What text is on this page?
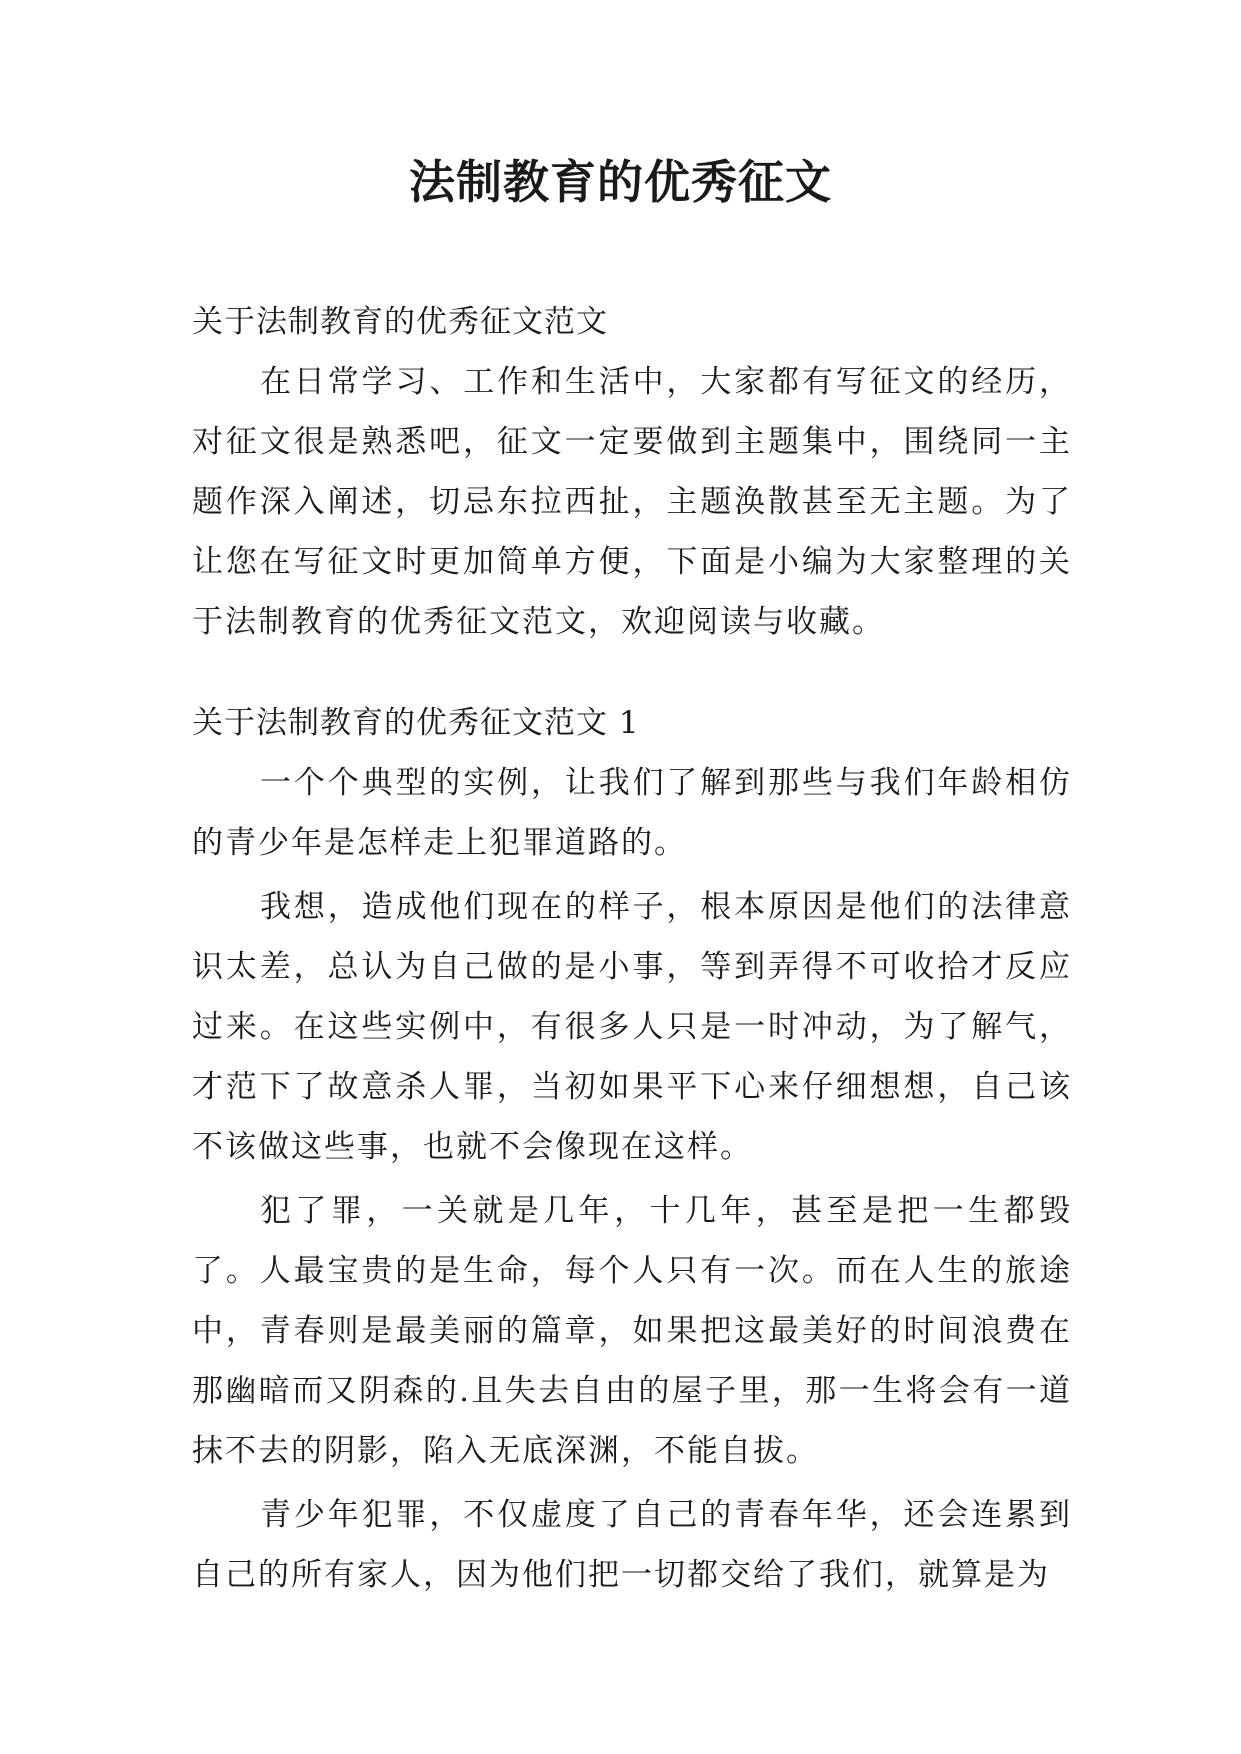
法制教育的优秀征文
关于法制教育的优秀征文范文

在日常学习、工作和生活中，大家都有写征文的经历，对征文很是熟悉吧，征文一定要做到主题集中，围绕同一主题作深入阐述，切忌东拉西扯，主题涣散甚至无主题。为了让您在写征文时更加简单方便，下面是小编为大家整理的关于法制教育的优秀征文范文，欢迎阅读与收藏。

关于法制教育的优秀征文范文 1

一个个典型的实例，让我们了解到那些与我们年龄相仿的青少年是怎样走上犯罪道路的。

我想，造成他们现在的样子，根本原因是他们的法律意识太差，总认为自己做的是小事，等到弄得不可收拾才反应过来。在这些实例中，有很多人只是一时冲动，为了解气，才范下了故意杀人罪，当初如果平下心来仔细想想，自己该不该做这些事，也就不会像现在这样。

犯了罪，一关就是几年，十几年，甚至是把一生都毁了。人最宝贵的是生命，每个人只有一次。而在人生的旅途中，青春则是最美丽的篇章，如果把这最美好的时间浪费在那幽暗而又阴森的.且失去自由的屋子里，那一生将会有一道抹不去的阴影，陷入无底深渊，不能自拔。

青少年犯罪，不仅虚度了自己的青春年华，还会连累到自己的所有家人，因为他们把一切都交给了我们，就算是为
